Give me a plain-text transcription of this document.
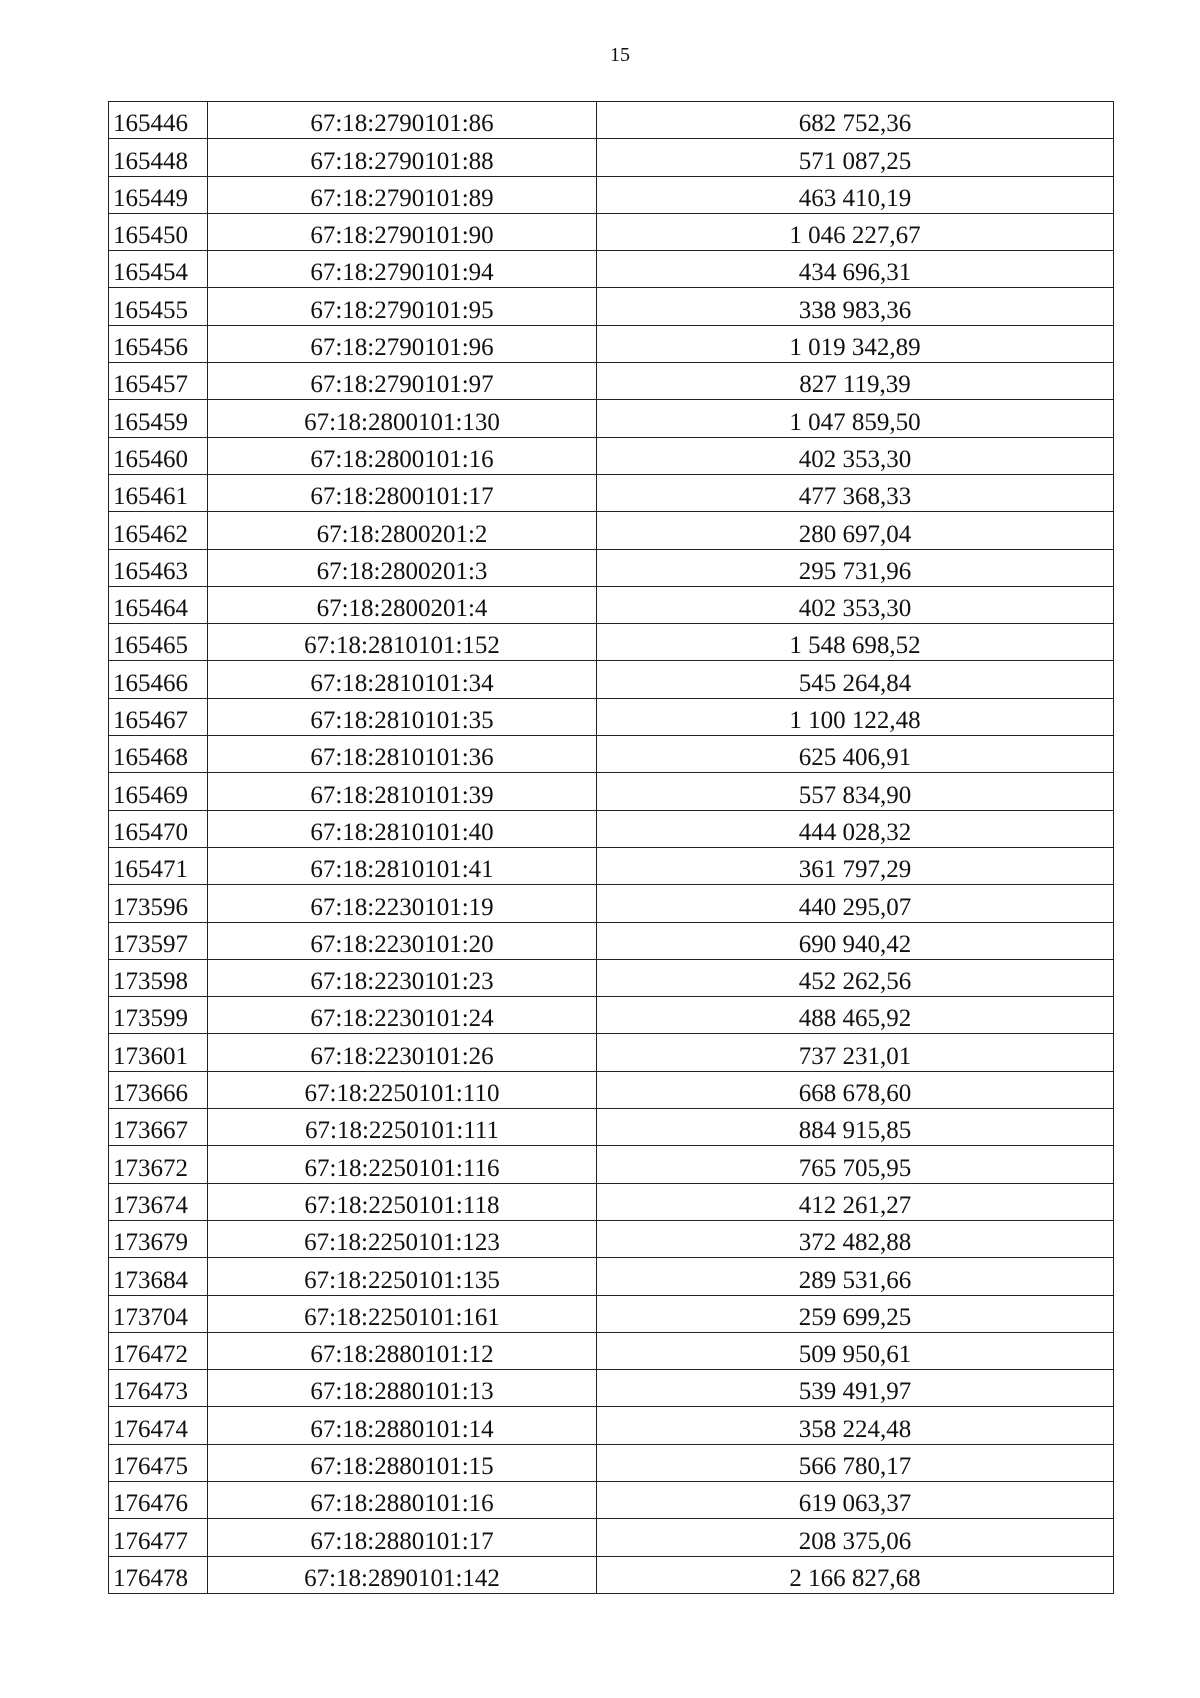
15
165446	67:18:2790101:86	682 752,36
165448	67:18:2790101:88	571 087,25
165449	67:18:2790101:89	463 410,19
165450	67:18:2790101:90	1 046 227,67
165454	67:18:2790101:94	434 696,31
165455	67:18:2790101:95	338 983,36
165456	67:18:2790101:96	1 019 342,89
165457	67:18:2790101:97	827 119,39
165459	67:18:2800101:130	1 047 859,50
165460	67:18:2800101:16	402 353,30
165461	67:18:2800101:17	477 368,33
165462	67:18:2800201:2	280 697,04
165463	67:18:2800201:3	295 731,96
165464	67:18:2800201:4	402 353,30
165465	67:18:2810101:152	1 548 698,52
165466	67:18:2810101:34	545 264,84
165467	67:18:2810101:35	1 100 122,48
165468	67:18:2810101:36	625 406,91
165469	67:18:2810101:39	557 834,90
165470	67:18:2810101:40	444 028,32
165471	67:18:2810101:41	361 797,29
173596	67:18:2230101:19	440 295,07
173597	67:18:2230101:20	690 940,42
173598	67:18:2230101:23	452 262,56
173599	67:18:2230101:24	488 465,92
173601	67:18:2230101:26	737 231,01
173666	67:18:2250101:110	668 678,60
173667	67:18:2250101:111	884 915,85
173672	67:18:2250101:116	765 705,95
173674	67:18:2250101:118	412 261,27
173679	67:18:2250101:123	372 482,88
173684	67:18:2250101:135	289 531,66
173704	67:18:2250101:161	259 699,25
176472	67:18:2880101:12	509 950,61
176473	67:18:2880101:13	539 491,97
176474	67:18:2880101:14	358 224,48
176475	67:18:2880101:15	566 780,17
176476	67:18:2880101:16	619 063,37
176477	67:18:2880101:17	208 375,06
176478	67:18:2890101:142	2 166 827,68
